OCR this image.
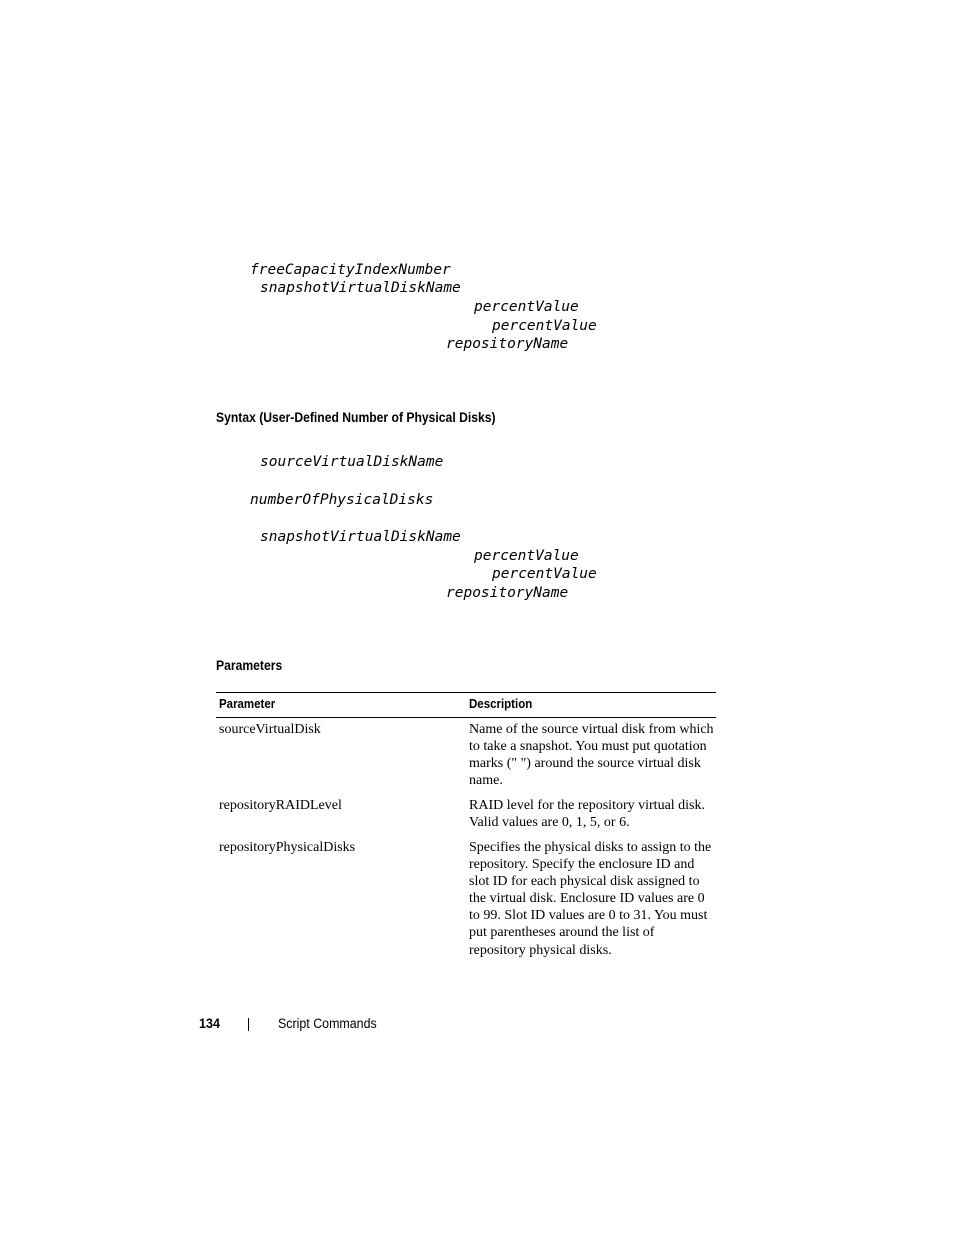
freeCapacityIndexNumber
snapshotVirtualDiskName
percentValue
percentValue
repositoryName
Syntax (User-Defined Number of Physical Disks)
sourceVirtualDiskName
numberOfPhysicalDisks
snapshotVirtualDiskName
percentValue
percentValue
repositoryName
Parameters
Parameter	Description
sourceVirtualDisk	Name of the source virtual disk from which to take a snapshot. You must put quotation marks (" ") around the source virtual disk name.
repositoryRAIDLevel	RAID level for the repository virtual disk. Valid values are 0, 1, 5, or 6.
repositoryPhysicalDisks	Specifies the physical disks to assign to the repository. Specify the enclosure ID and slot ID for each physical disk assigned to the virtual disk. Enclosure ID values are 0 to 99. Slot ID values are 0 to 31. You must put parentheses around the list of repository physical disks.
134	Script Commands
